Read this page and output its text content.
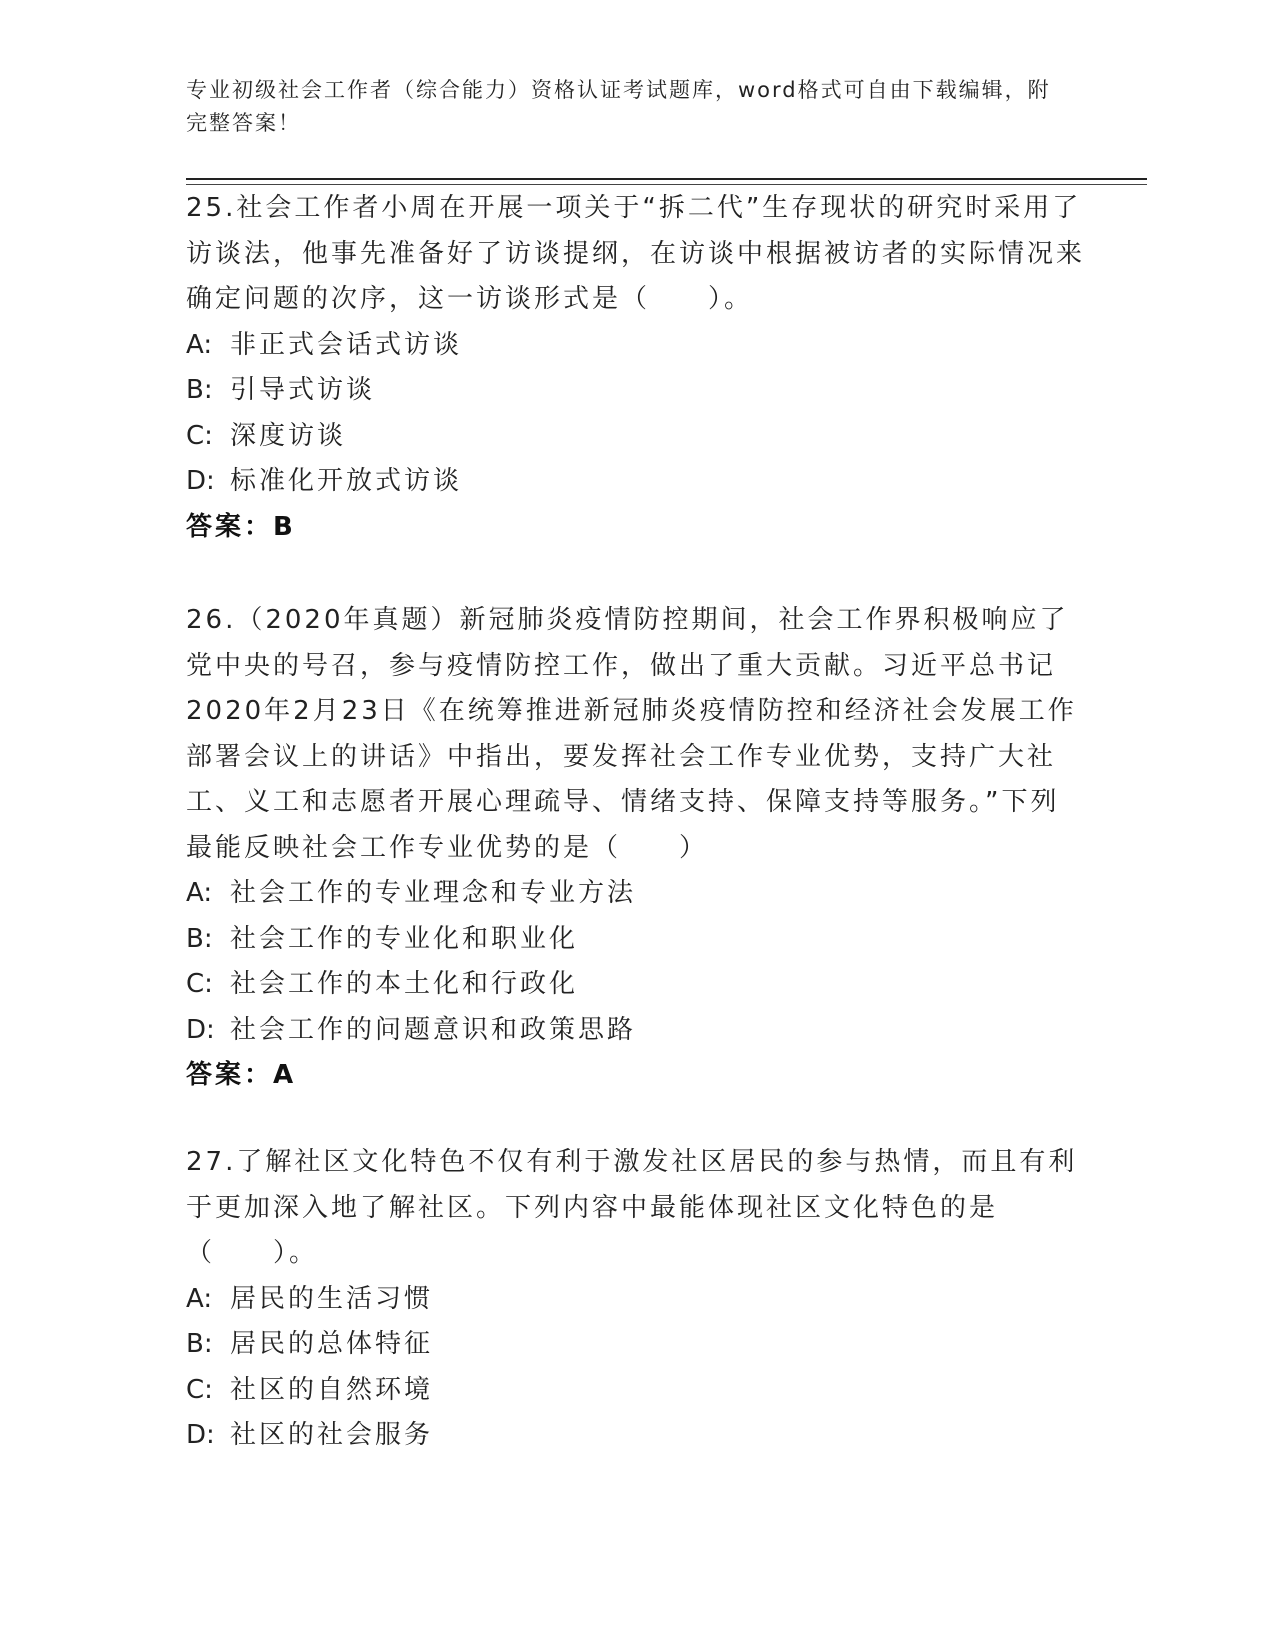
专业初级社会工作者（综合能力）资格认证考试题库，word格式可自由下载编辑，附完整答案！
25.社会工作者小周在开展一项关于“拆二代”生存现状的研究时采用了访谈法，他事先准备好了访谈提纲，在访谈中根据被访者的实际情况来确定问题的次序，这一访谈形式是（　　）。
A: 非正式会话式访谈
B: 引导式访谈
C: 深度访谈
D: 标准化开放式访谈
答案：B
26.（2020年真题）新冠肺炎疫情防控期间，社会工作界积极响应了党中央的号召，参与疫情防控工作，做出了重大贡献。习近平总书记2020年2月23日《在统筹推进新冠肺炎疫情防控和经济社会发展工作部署会议上的讲话》中指出，要发挥社会工作专业优势，支持广大社工、义工和志愿者开展心理疏导、情绪支持、保障支持等服务。”下列最能反映社会工作专业优势的是（　　）
A: 社会工作的专业理念和专业方法
B: 社会工作的专业化和职业化
C: 社会工作的本土化和行政化
D: 社会工作的问题意识和政策思路
答案：A
27.了解社区文化特色不仅有利于激发社区居民的参与热情，而且有利于更加深入地了解社区。下列内容中最能体现社区文化特色的是（　　）。
A: 居民的生活习惯
B: 居民的总体特征
C: 社区的自然环境
D: 社区的社会服务
